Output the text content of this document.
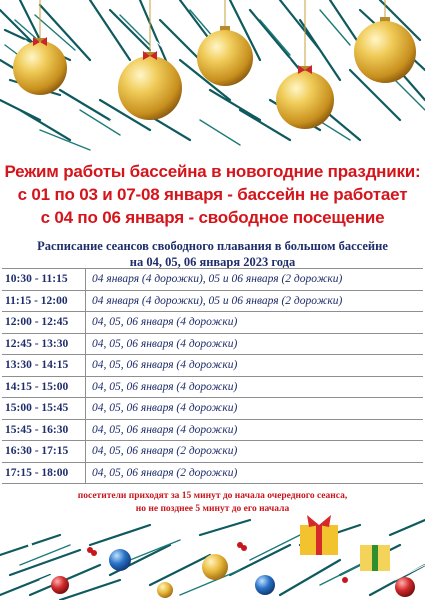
Режим работы бассейна в новогодние праздники:
с 01 по 03 и 07-08 января - бассейн не работает
с 04 по 06 января - свободное посещение
Расписание сеансов свободного плавания в большом бассейне
на 04, 05, 06 января 2023 года
10:30 - 11:15	04 января (4 дорожки), 05 и 06 января (2 дорожки)
11:15 - 12:00	04 января (4 дорожки), 05 и 06 января (2 дорожки)
12:00 - 12:45	04, 05, 06 января (4 дорожки)
12:45 - 13:30	04, 05, 06 января (4 дорожки)
13:30 - 14:15	04, 05, 06 января (4 дорожки)
14:15 - 15:00	04, 05, 06 января (4 дорожки)
15:00 - 15:45	04, 05, 06 января (4 дорожки)
15:45 - 16:30	04, 05, 06 января (4 дорожки)
16:30 - 17:15	04, 05, 06 января (2 дорожки)
17:15 - 18:00	04, 05, 06 января (2 дорожки)
посетители приходят за 15 минут до начала очередного сеанса,
но не позднее 5 минут до его начала
